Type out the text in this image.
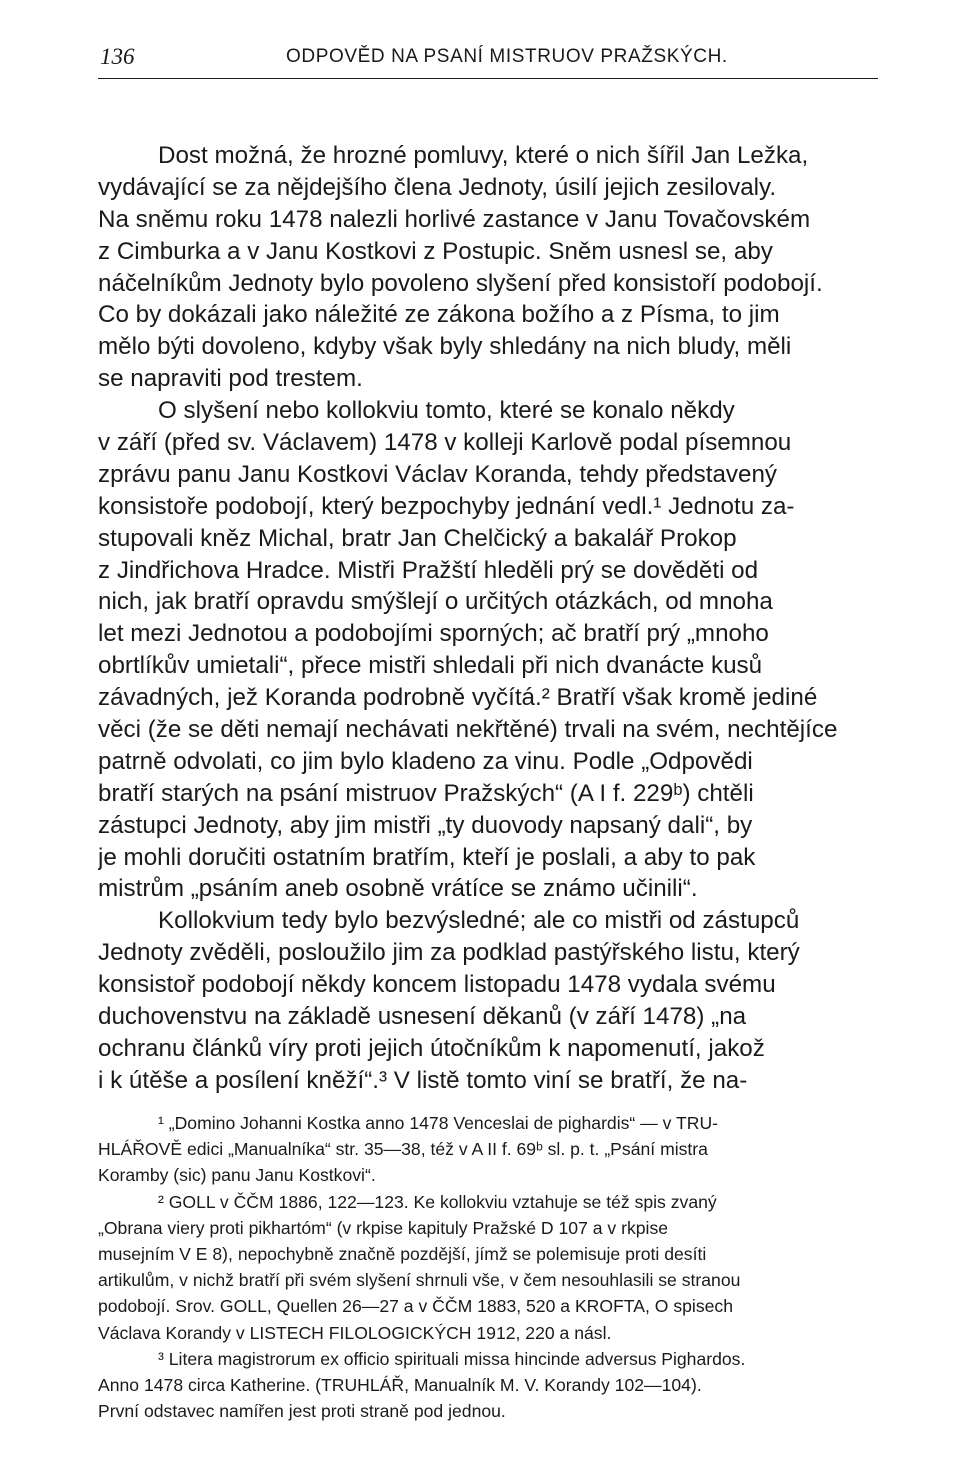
136	ODPOVĚD NA PSANÍ MISTRUOV PRAŽSKÝCH.

Dost možná, že hrozné pomluvy, které o nich šířil Jan Ležka,
vydávající se za nějdejšího člena Jednoty, úsilí jejich zesilovaly.
Na sněmu roku 1478 nalezli horlivé zastance v Janu Tovačovském
z Cimburka a v Janu Kostkovi z Postupic. Sněm usnesl se, aby
náčelníkům Jednoty bylo povoleno slyšení před konsistoří podobojí.
Co by dokázali jako náležité ze zákona božího a z Písma, to jim
mělo býti dovoleno, kdyby však byly shledány na nich bludy, měli
se napraviti pod trestem.

O slyšení nebo kollokviu tomto, které se konalo někdy
v září (před sv. Václavem) 1478 v kolleji Karlově podal písemnou
zprávu panu Janu Kostkovi Václav Koranda, tehdy představený
konsistoře podobojí, který bezpochyby jednání vedl.¹ Jednotu za-
stupovali kněz Michal, bratr Jan Chelčický a bakalář Prokop
z Jindřichova Hradce. Mistři Pražští hleděli prý se dověděti od
nich, jak bratří opravdu smýšlejí o určitých otázkách, od mnoha
let mezi Jednotou a podobojími sporných; ač bratří prý „mnoho
obrtlíkův umietali“, přece mistři shledali při nich dvanácte kusů
závadných, jež Koranda podrobně vyčítá.² Bratří však kromě jediné
věci (že se děti nemají nechávati nekřtěné) trvali na svém, nechtějíce
patrně odvolati, co jim bylo kladeno za vinu. Podle „Odpovědi
bratří starých na psání mistruov Pražských“ (A I f. 229ᵇ) chtěli
zástupci Jednoty, aby jim mistři „ty duovody napsaný dali“, by
je mohli doručiti ostatním bratřím, kteří je poslali, a aby to pak
mistrům „psáním aneb osobně vrátíce se známo učinili“.

Kollokvium tedy bylo bezvýsledné; ale co mistři od zástupců
Jednoty zvěděli, posloužilo jim za podklad pastýřského listu, který
konsistoř podobojí někdy koncem listopadu 1478 vydala svému
duchovenstvu na základě usnesení děkanů (v září 1478) „na
ochranu článků víry proti jejich útočníkům k napomenutí, jakož
i k útěše a posílení kněží“.³ V listě tomto viní se bratří, že na-

¹ „Domino Johanni Kostka anno 1478 Venceslai de pighardis“ — v TRU-
HLÁŘOVĚ edici „Manualníka“ str. 35—38, též v A II f. 69ᵇ sl. p. t. „Psání mistra
Koramby (sic) panu Janu Kostkovi“.

² GOLL v ČČM 1886, 122—123. Ke kollokviu vztahuje se též spis zvaný
„Obrana viery proti pikhartóm“ (v rkpise kapituly Pražské D 107 a v rkpise
musejním V E 8), nepochybně značně pozdější, jímž se polemisuje proti desíti
artikulům, v nichž bratří při svém slyšení shrnuli vše, v čem nesouhlasili se stranou
podobojí. Srov. GOLL, Quellen 26—27 a v ČČM 1883, 520 a KROFTA, O spisech
Václava Korandy v LISTECH FILOLOGICKÝCH 1912, 220 a násl.

³ Litera magistrorum ex officio spirituali missa hincinde adversus Pighardos.
Anno 1478 circa Katherine. (TRUHLÁŘ, Manualník M. V. Korandy 102—104).
První odstavec namířen jest proti straně pod jednou.
